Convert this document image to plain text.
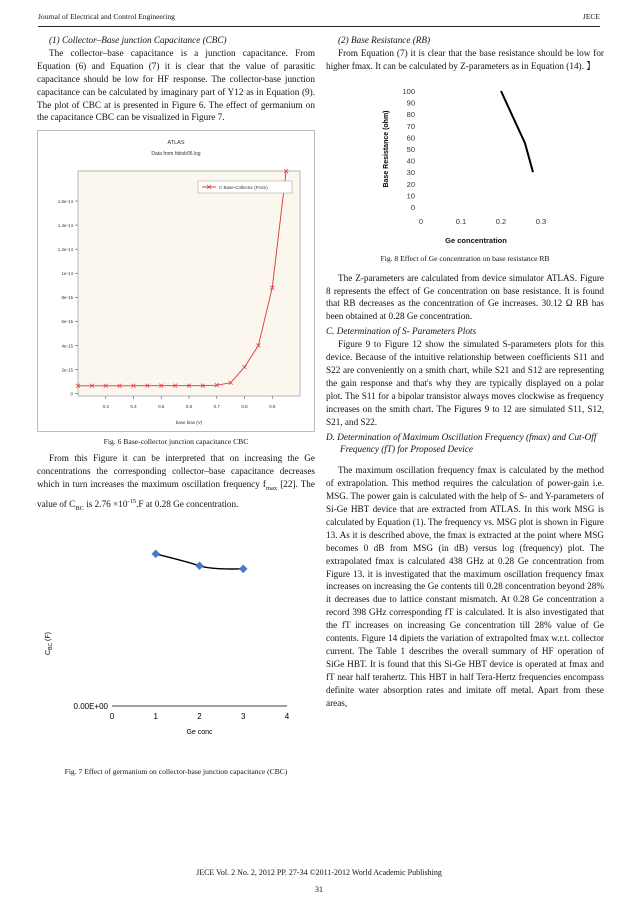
Journal of Electrical and Control Engineering	JECE
(1) Collector–Base junction Capacitance (CBC)

The collector–base capacitance is a junction capacitance. From Equation (6) and Equation (7) it is clear that the value of parasitic capacitance should be low for HF response. The collector-base junction capacitance can be calculated by imaginary part of Y12 as in Equation (9). The plot of CBC at is presented in Figure 6. The effect of germanium on the capacitance CBC can be visualized in Figure 7.

ATLAS
Data from hbtsb05.log
0
2e-15
4e-15
6e-15
8e-15
1e-14
1.2e-14
1.4e-14
1.6e-14
0.3	0.4	0.5	0.6	0.7	0.8	0.9
base bias (V)
C Base-Collector (From)
Fig. 6 Base-collector junction capacitance CBC

From this Figure it can be interpreted that on increasing the Ge concentrations the corresponding collector–base capacitance decreases which in turn increases the maximum oscillation frequency $f_{max}$ [22]. The value of $C_{BC}$ is $2.76 \times 10^{-15}.F$ at 0.28 Ge concentration.

0.00E+00
0	1	2	3	4
Ge conc
$C_{BC}$ (F)
Fig. 7 Effect of germanium on collector-base junction capacitance (CBC)
(2) Base Resistance (RB)

From Equation (7) it is clear that the base resistance should be low for higher fmax. It can be calculated by Z-parameters as in Equation (14). 】

0
10
20
30
40
50
60
70
80
90
100
0	0.1	0.2	0.3
Ge concentration
Base Resistance (ohm)
Fig. 8 Effect of Ge concentration on base resistance RB

The Z-parameters are calculated from device simulator ATLAS. Figure 8 represents the effect of Ge concentration on base resistance. It is found that RB decreases as the concentration of Ge increases. 30.12 Ω RB has been obtained at 0.28 Ge concentration.

C. Determination of S- Parameters Plots

Figure 9 to Figure 12 show the simulated S-parameters plots for this device. Because of the intuitive relationship between coefficients S11 and S22 are conveniently on a smith chart, while S21 and S12 are representing the gain response and that's why they are typically displayed on a polar plot. The S11 for a bipolar transistor always moves clockwise as frequency increases on the smith chart. The Figures 9 to 12 are simulated S11, S12, S21, and S22.

D. Determination of Maximum Oscillation Frequency (fmax) and Cut-Off Frequency (fT) for Proposed Device

The maximum oscillation frequency fmax is calculated by the method of extrapolation. This method requires the calculation of power-gain i.e. MSG. The power gain is calculated with the help of S- and Y-parameters of Si-Ge HBT device that are extracted from ATLAS. In this work MSG is calculated by Equation (1). The frequency vs. MSG plot is shown in Figure 13. As it is described above, the fmax is extracted at the point where MSG becomes 0 dB from MSG (in dB) versus log (frequency) plot. The extrapolated fmax is calculated 438 GHz at 0.28 Ge concentration from Figure 13. it is investigated that the maximum oscillation frequency fmax increases on increasing the Ge contents till 0.28 concentration beyond 28% it decreases due to lattice constant mismatch. At 0.28 Ge concentration a record 398 GHz corresponding fT is calculated. It is also investigated that the fT increases on increasing Ge concentration till 28% value of Ge contents. Figure 14 dipiets the variation of extrapolted fmax w.r.t. collector current. The Table 1 describes the overall summary of HF operation of SiGe HBT. It is found that this Si-Ge HBT device is operated at fmax and fT near half terahertz. This HBT in half Tera-Hertz frequencies encompass definite water absorption rates and imitate off metal. Apart from these areas,

JECE Vol. 2 No. 2, 2012 PP. 27-34 ©2011-2012 World Academic Publishing
31
